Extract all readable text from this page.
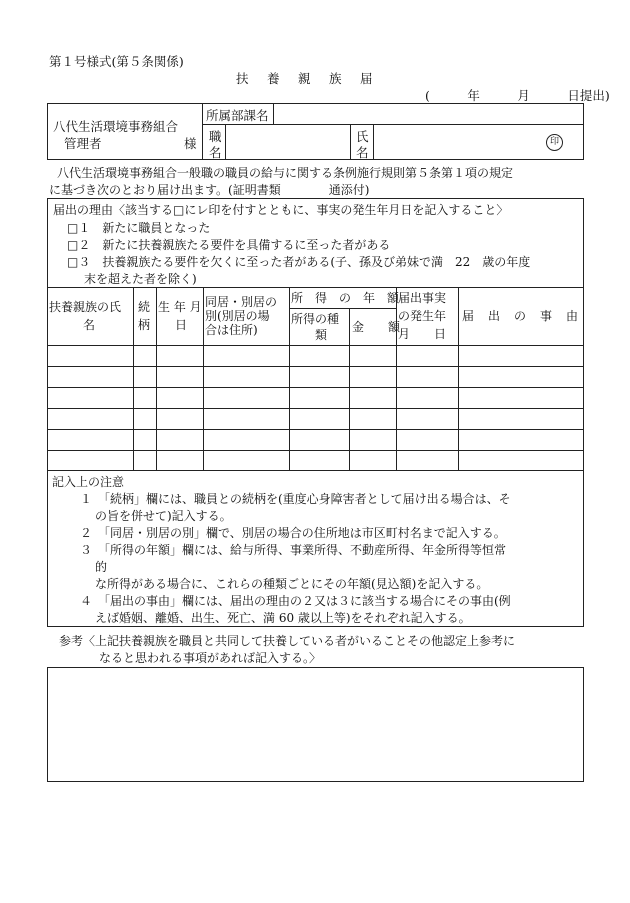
第１号様式(第５条関係)
扶　養　親　族　届
(　　　年　　　月　　　日提出)
八代生活環境事務組合
管理者	様
所属部課名
職
名
氏
名
印
八代生活環境事務組合一般職の職員の給与に関する条例施行規則第５条第１項の規定
に基づき次のとおり届け出ます。(証明書類　　　　通添付)
届出の理由〈該当する□にレ印を付すとともに、事実の発生年月日を記入すること〉
□１　新たに職員となった
□２　新たに扶養親族たる要件を具備するに至った者がある
□３　扶養親族たる要件を欠くに至った者がある(子、孫及び弟妹で満　22　歳の年度
末を超えた者を除く)
扶養親族の氏
名
続
柄
生 年 月
日
同居・別居の
別(別居の場
合は住所)
所　得　の　年　額
所得の種
類
金　　額
届出事実
の発生年
月　　日
届　出　の　事　由
記入上の注意
１　「続柄」欄には、職員との続柄を(重度心身障害者として届け出る場合は、そ
の旨を併せて)記入する。
２　「同居・別居の別」欄で、別居の場合の住所地は市区町村名まで記入する。
３　「所得の年額」欄には、給与所得、事業所得、不動産所得、年金所得等恒常
的
な所得がある場合に、これらの種類ごとにその年額(見込額)を記入する。
４　「届出の事由」欄には、届出の理由の２又は３に該当する場合にその事由(例
えば婚姻、離婚、出生、死亡、満 60 歳以上等)をそれぞれ記入する。
参考〈上記扶養親族を職員と共同して扶養している者がいることその他認定上参考に
なると思われる事項があれば記入する。〉
